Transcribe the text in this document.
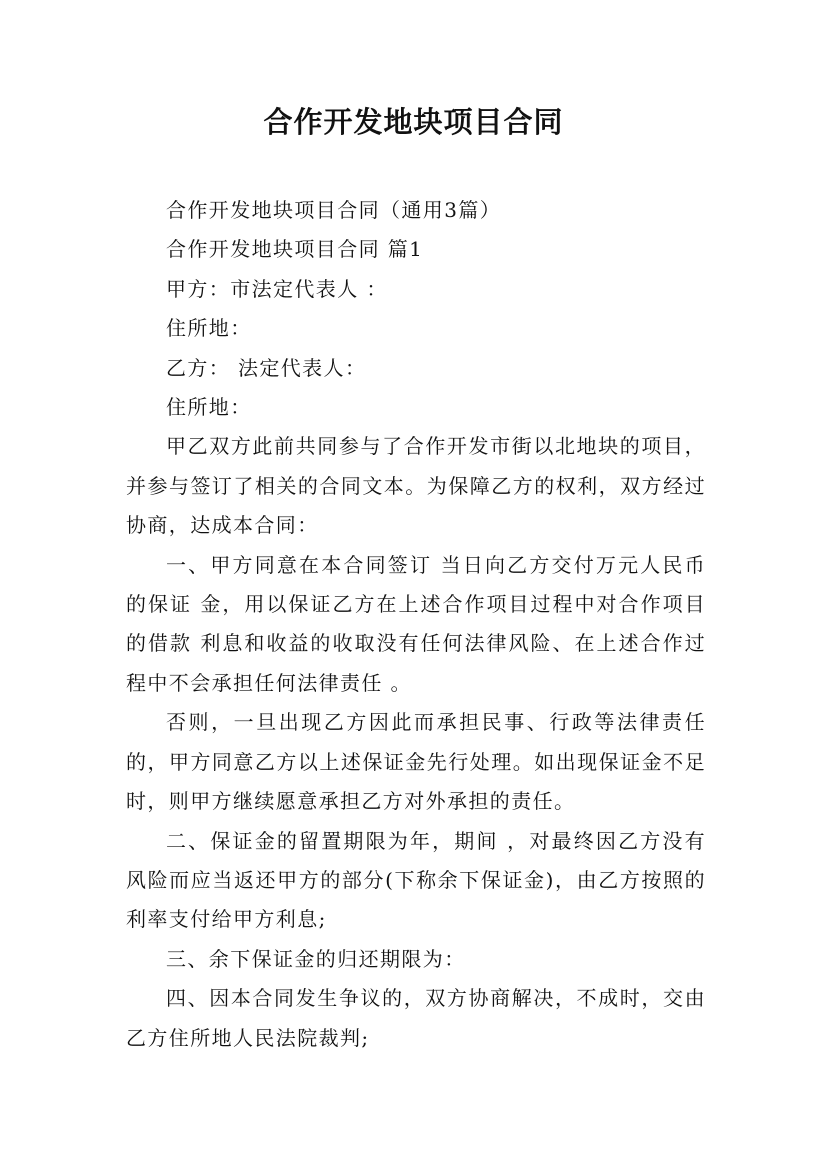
合作开发地块项目合同

合作开发地块项目合同（通用3篇）

合作开发地块项目合同 篇1

甲方：市法定代表人 ：

住所地：

乙方： 法定代表人：

住所地：

甲乙双方此前共同参与了合作开发市街以北地块的项目，并参与签订了相关的合同文本。为保障乙方的权利，双方经过协商，达成本合同：

一、甲方同意在本合同签订 当日向乙方交付万元人民币的保证 金，用以保证乙方在上述合作项目过程中对合作项目的借款 利息和收益的收取没有任何法律风险、在上述合作过程中不会承担任何法律责任 。

否则，一旦出现乙方因此而承担民事、行政等法律责任的，甲方同意乙方以上述保证金先行处理。如出现保证金不足时，则甲方继续愿意承担乙方对外承担的责任。

二、保证金的留置期限为年，期间 ，对最终因乙方没有风险而应当返还甲方的部分(下称余下保证金)，由乙方按照的利率支付给甲方利息;

三、余下保证金的归还期限为：

四、因本合同发生争议的，双方协商解决，不成时，交由乙方住所地人民法院裁判;
